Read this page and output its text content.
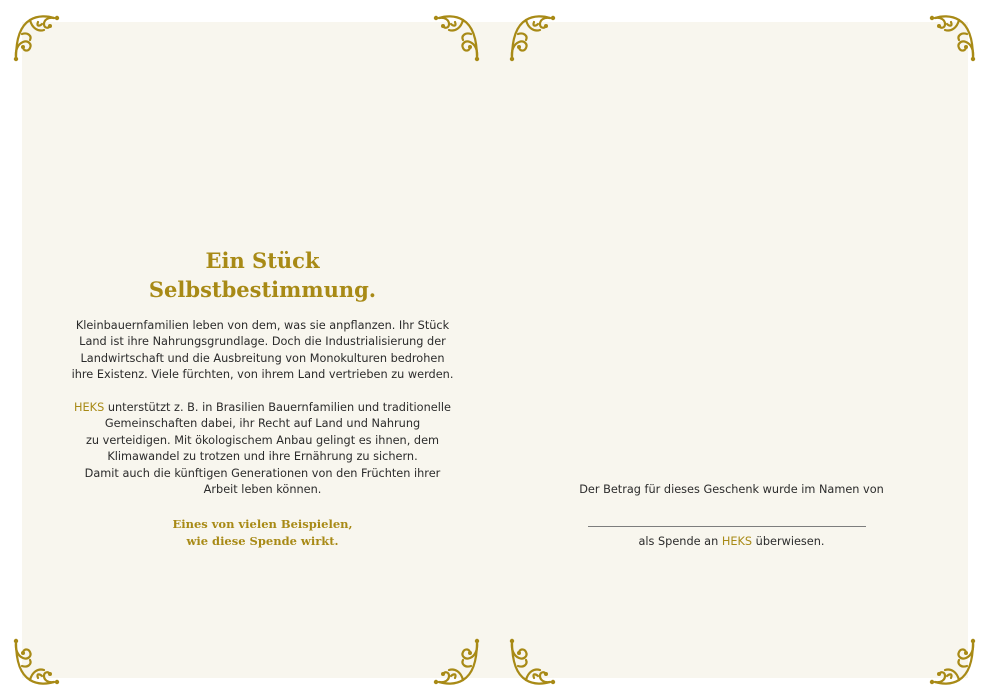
Ein Stück
Selbstbestimmung.

Kleinbauernfamilien leben von dem, was sie anpflanzen. Ihr Stück
Land ist ihre Nahrungsgrundlage. Doch die Industrialisierung der
Landwirtschaft und die Ausbreitung von Monokulturen bedrohen
ihre Existenz. Viele fürchten, von ihrem Land vertrieben zu werden.

HEKS unterstützt z. B. in Brasilien Bauernfamilien und traditionelle
Gemeinschaften dabei, ihr Recht auf Land und Nahrung
zu verteidigen. Mit ökologischem Anbau gelingt es ihnen, dem
Klimawandel zu trotzen und ihre Ernährung zu sichern.
Damit auch die künftigen Generationen von den Früchten ihrer
Arbeit leben können.

Eines von vielen Beispielen,
wie diese Spende wirkt.

Der Betrag für dieses Geschenk wurde im Namen von

als Spende an HEKS überwiesen.
